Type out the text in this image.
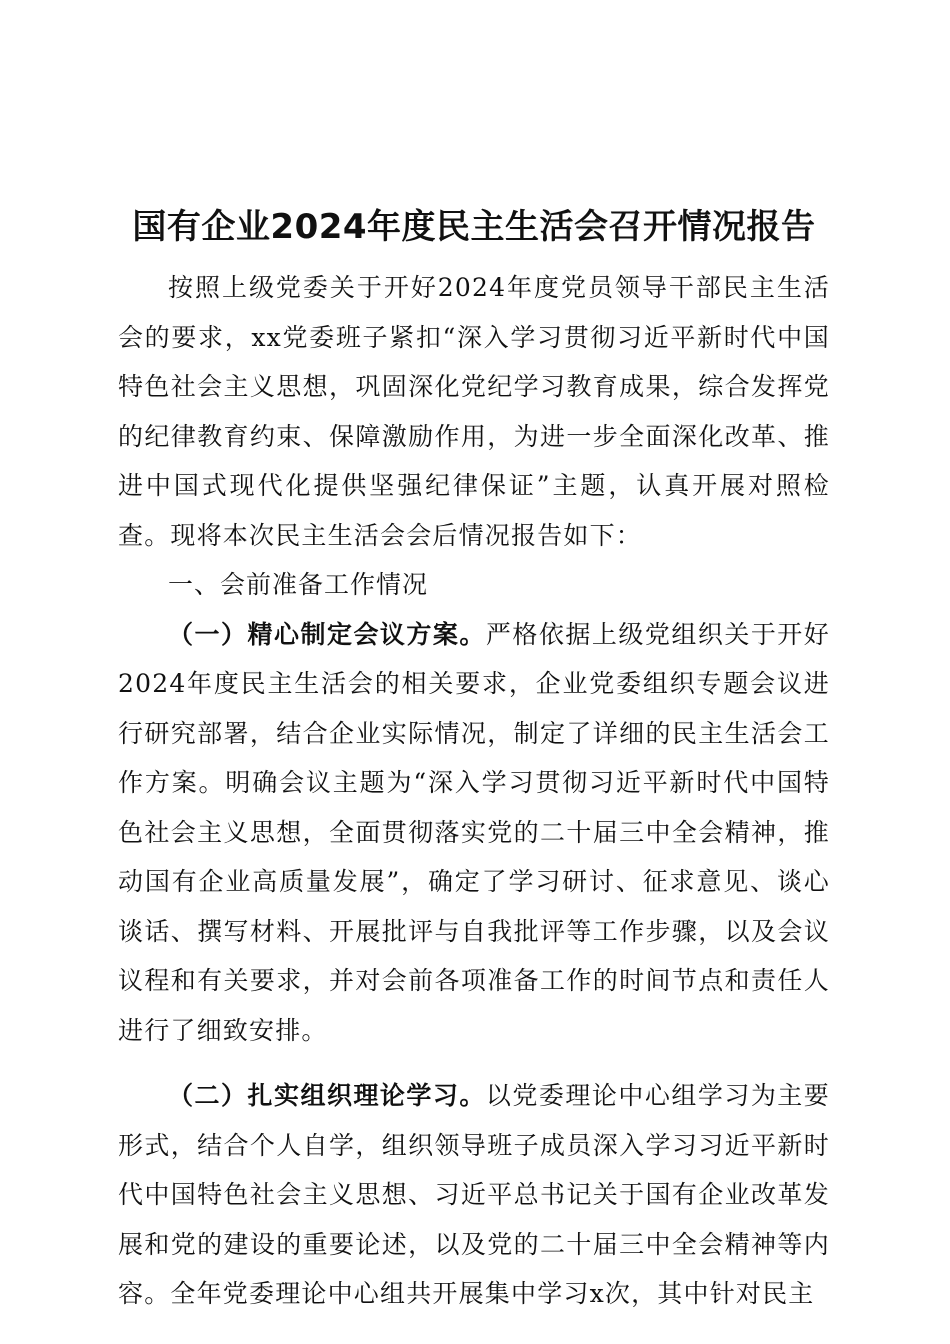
国有企业2024年度民主生活会召开情况报告

按照上级党委关于开好2024年度党员领导干部民主生活会的要求，xx党委班子紧扣“深入学习贯彻习近平新时代中国特色社会主义思想，巩固深化党纪学习教育成果，综合发挥党的纪律教育约束、保障激励作用，为进一步全面深化改革、推进中国式现代化提供坚强纪律保证”主题，认真开展对照检查。现将本次民主生活会会后情况报告如下：

一、会前准备工作情况

（一）精心制定会议方案。严格依据上级党组织关于开好2024年度民主生活会的相关要求，企业党委组织专题会议进行研究部署，结合企业实际情况，制定了详细的民主生活会工作方案。明确会议主题为“深入学习贯彻习近平新时代中国特色社会主义思想，全面贯彻落实党的二十届三中全会精神，推动国有企业高质量发展”，确定了学习研讨、征求意见、谈心谈话、撰写材料、开展批评与自我批评等工作步骤，以及会议议程和有关要求，并对会前各项准备工作的时间节点和责任人进行了细致安排。

（二）扎实组织理论学习。以党委理论中心组学习为主要形式，结合个人自学，组织领导班子成员深入学习习近平新时代中国特色社会主义思想、习近平总书记关于国有企业改革发展和党的建设的重要论述，以及党的二十届三中全会精神等内容。全年党委理论中心组共开展集中学习x次，其中针对民主
